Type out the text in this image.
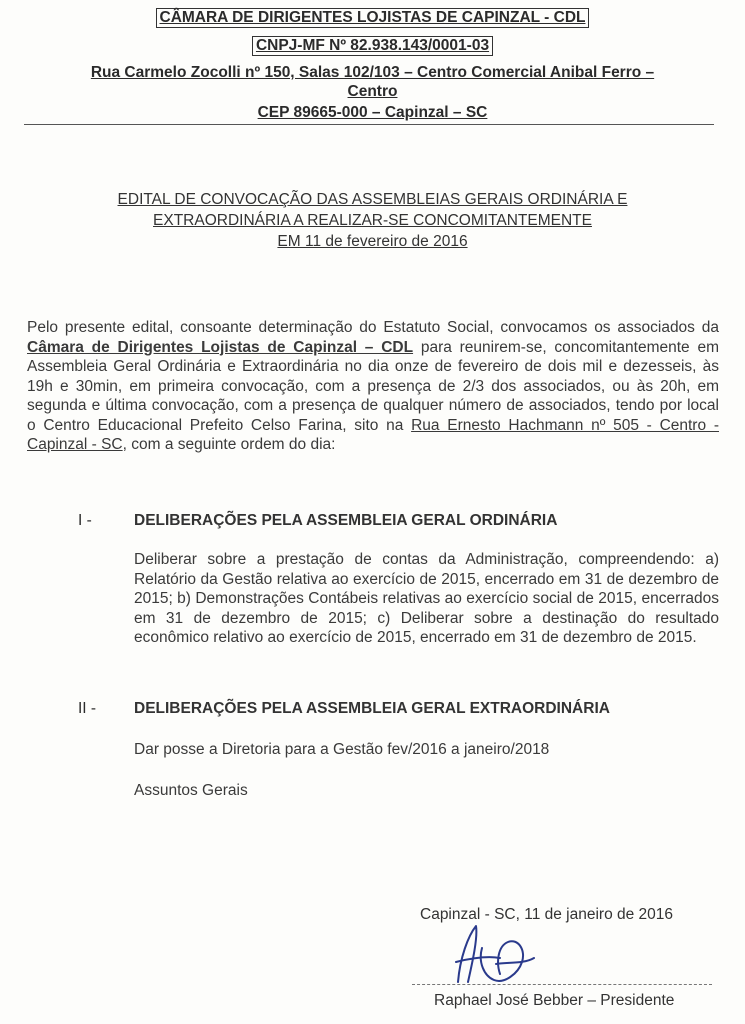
CÂMARA DE DIRIGENTES LOJISTAS DE CAPINZAL - CDL
CNPJ-MF Nº 82.938.143/0001-03
Rua Carmelo Zocolli nº 150, Salas 102/103 – Centro Comercial Anibal Ferro –
Centro
CEP 89665-000 – Capinzal – SC
EDITAL DE CONVOCAÇÃO DAS ASSEMBLEIAS GERAIS ORDINÁRIA E
EXTRAORDINÁRIA A REALIZAR-SE CONCOMITANTEMENTE
EM 11 de fevereiro de 2016
Pelo presente edital, consoante determinação do Estatuto Social, convocamos os associados da Câmara de Dirigentes Lojistas de Capinzal – CDL para reunirem-se, concomitantemente em Assembleia Geral Ordinária e Extraordinária no dia onze de fevereiro de dois mil e dezesseis, às 19h e 30min, em primeira convocação, com a presença de 2/3 dos associados, ou às 20h, em segunda e última convocação, com a presença de qualquer número de associados, tendo por local o Centro Educacional Prefeito Celso Farina, sito na Rua Ernesto Hachmann nº 505 - Centro - Capinzal - SC, com a seguinte ordem do dia:
I -	DELIBERAÇÕES PELA ASSEMBLEIA GERAL ORDINÁRIA
Deliberar sobre a prestação de contas da Administração, compreendendo: a) Relatório da Gestão relativa ao exercício de 2015, encerrado em 31 de dezembro de 2015; b) Demonstrações Contábeis relativas ao exercício social de 2015, encerrados em 31 de dezembro de 2015; c) Deliberar sobre a destinação do resultado econômico relativo ao exercício de 2015, encerrado em 31 de dezembro de 2015.
II - DELIBERAÇÕES PELA ASSEMBLEIA GERAL EXTRAORDINÁRIA
Dar posse a Diretoria para a Gestão fev/2016 a janeiro/2018
Assuntos Gerais
Capinzal - SC, 11 de janeiro de 2016
Raphael José Bebber – Presidente
